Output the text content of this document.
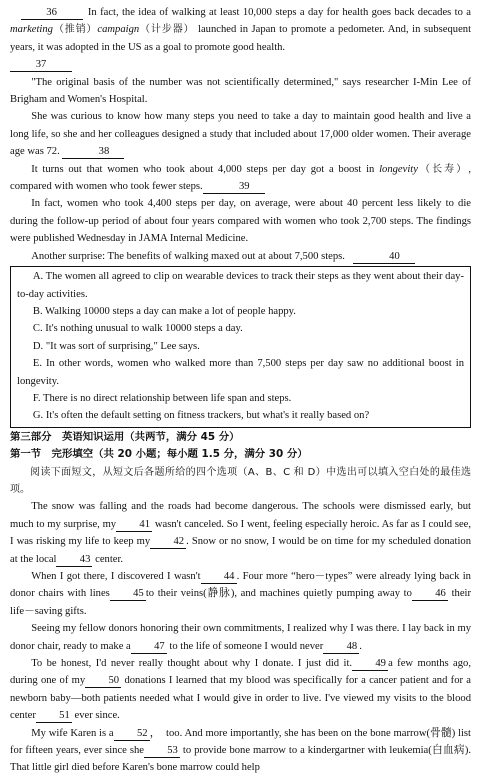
 36 	In fact, the idea of walking at least 10,000 steps a day for health goes back decades to a marketing（推销）campaign（计步器） launched in Japan to promote a pedometer. And, in subsequent years, it was adopted in the US as a goal to promote good health.
37

"The original basis of the number was not scientifically determined," says researcher I-Min Lee of Brigham and Women's Hospital.

She was curious to know how many steps you need to take a day to maintain good health and live a long life, so she and her colleagues designed a study that included about 17,000 older women. Their average age was 72.	38

It turns out that women who took about 4,000 steps per day got a boost in longevity（长寿）, compared with women who took fewer steps.	39

In fact, women who took 4,400 steps per day, on average, were about 40 percent less likely to die during the follow-up period of about four years compared with women who took 2,700 steps. The findings were published Wednesday in JAMA Internal Medicine.

Another surprise: The benefits of walking maxed out at about 7,500 steps.  	40

A. The women all agreed to clip on wearable devices to track their steps as they went about their day-to-day activities.

B. Walking 10000 steps a day can make a lot of people happy.

C. It's nothing unusual to walk 10000 steps a day.

D. "It was sort of surprising," Lee says.

E. In other words, women who walked more than 7,500 steps per day saw no additional boost in longevity.

F. There is no direct relationship between life span and steps.

G. It's often the default setting on fitness trackers, but what's it really based on?

第三部分　英语知识运用（共两节，满分 45 分）

第一节　完形填空（共 20 小题；每小题 1.5 分，满分 30 分）

阅读下面短文，从短文后各题所给的四个选项（A、B、C 和 D）中选出可以填入空白处的最佳选项。

The snow was falling and the roads had become dangerous. The schools were dismissed early, but much to my surprise, my 41 wasn't canceled. So I went, feeling especially heroic. As far as I could see, I was risking my life to keep my 42 . Snow or no snow, I would be on time for my scheduled donation at the local 43 center.

When I got there, I discovered I wasn't 44 . Four more “hero－types” were already lying back in donor chairs with lines 45 to their veins(静脉), and machines quietly pumping away to 46 their life－saving gifts.

Seeing my fellow donors honoring their own commitments, I realized why I was there. I lay back in my donor chair, ready to make a 47 to the life of someone I would never 48 .

To be honest, I'd never really thought about why I donate. I just did it. 49 a few months ago, during one of my 50 donations I learned that my blood was specifically for a cancer patient and for a newborn baby—both patients needed what I would give in order to live. I've viewed my visits to the blood center 51 ever since.

My wife Karen is a 52 ，　too. And more importantly, she has been on the bone marrow(骨髓) list for fifteen years, ever since she 53 to provide bone marrow to a kindergartner with leukemia(白血病). That little girl died before Karen's bone marrow could help
